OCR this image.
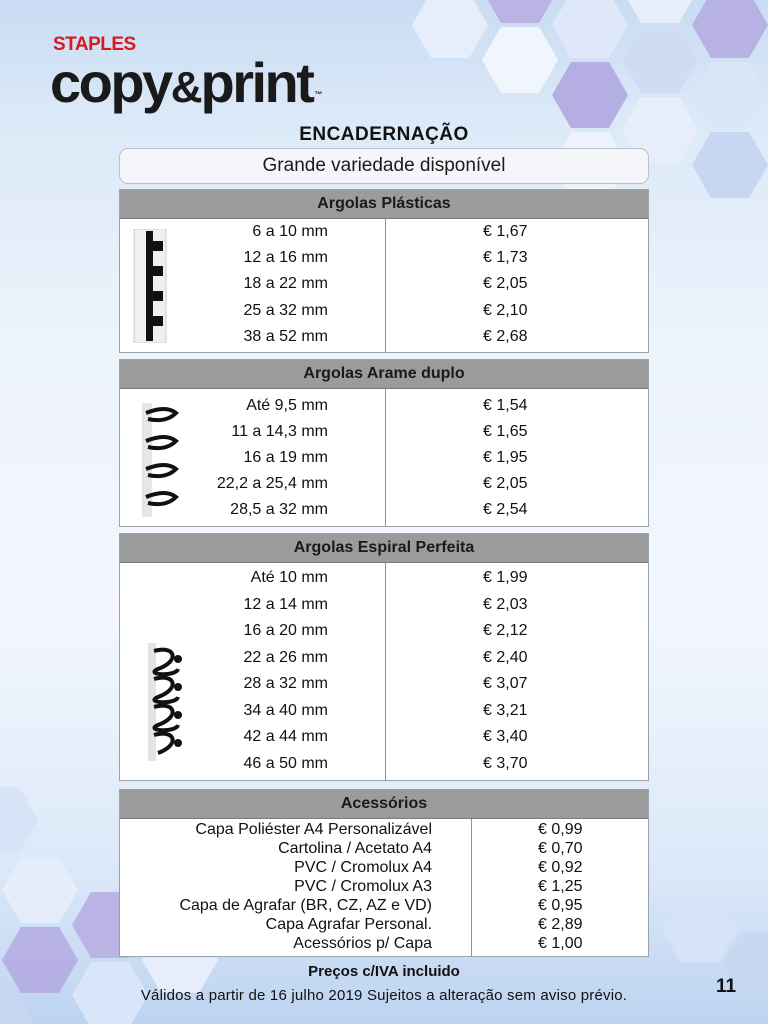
STAPLES
copy&print ™
ENCADERNAÇÃO
Grande variedade disponível
Argolas Plásticas
6 a 10 mm	€ 1,67
12 a 16 mm	€ 1,73
18 a 22 mm	€ 2,05
25 a 32 mm	€ 2,10
38 a 52 mm	€ 2,68
Argolas Arame duplo
Até 9,5 mm	€ 1,54
11 a 14,3 mm	€ 1,65
16 a 19 mm	€ 1,95
22,2 a 25,4 mm	€ 2,05
28,5 a 32 mm	€ 2,54
Argolas Espiral Perfeita
Até 10 mm	€ 1,99
12 a 14 mm	€ 2,03
16 a 20 mm	€ 2,12
22 a 26 mm	€ 2,40
28 a 32 mm	€ 3,07
34 a 40 mm	€ 3,21
42 a 44 mm	€ 3,40
46 a 50 mm	€ 3,70
Acessórios
Capa Poliéster A4 Personalizável	€ 0,99
Cartolina / Acetato A4	€ 0,70
PVC / Cromolux A4	€ 0,92
PVC / Cromolux A3	€ 1,25
Capa de Agrafar (BR, CZ, AZ e VD)	€ 0,95
Capa Agrafar Personal.	€ 2,89
Acessórios p/ Capa	€ 1,00
Preços c/IVA incluido
Válidos a partir de 16 julho 2019 Sujeitos a alteração sem aviso prévio.	11
